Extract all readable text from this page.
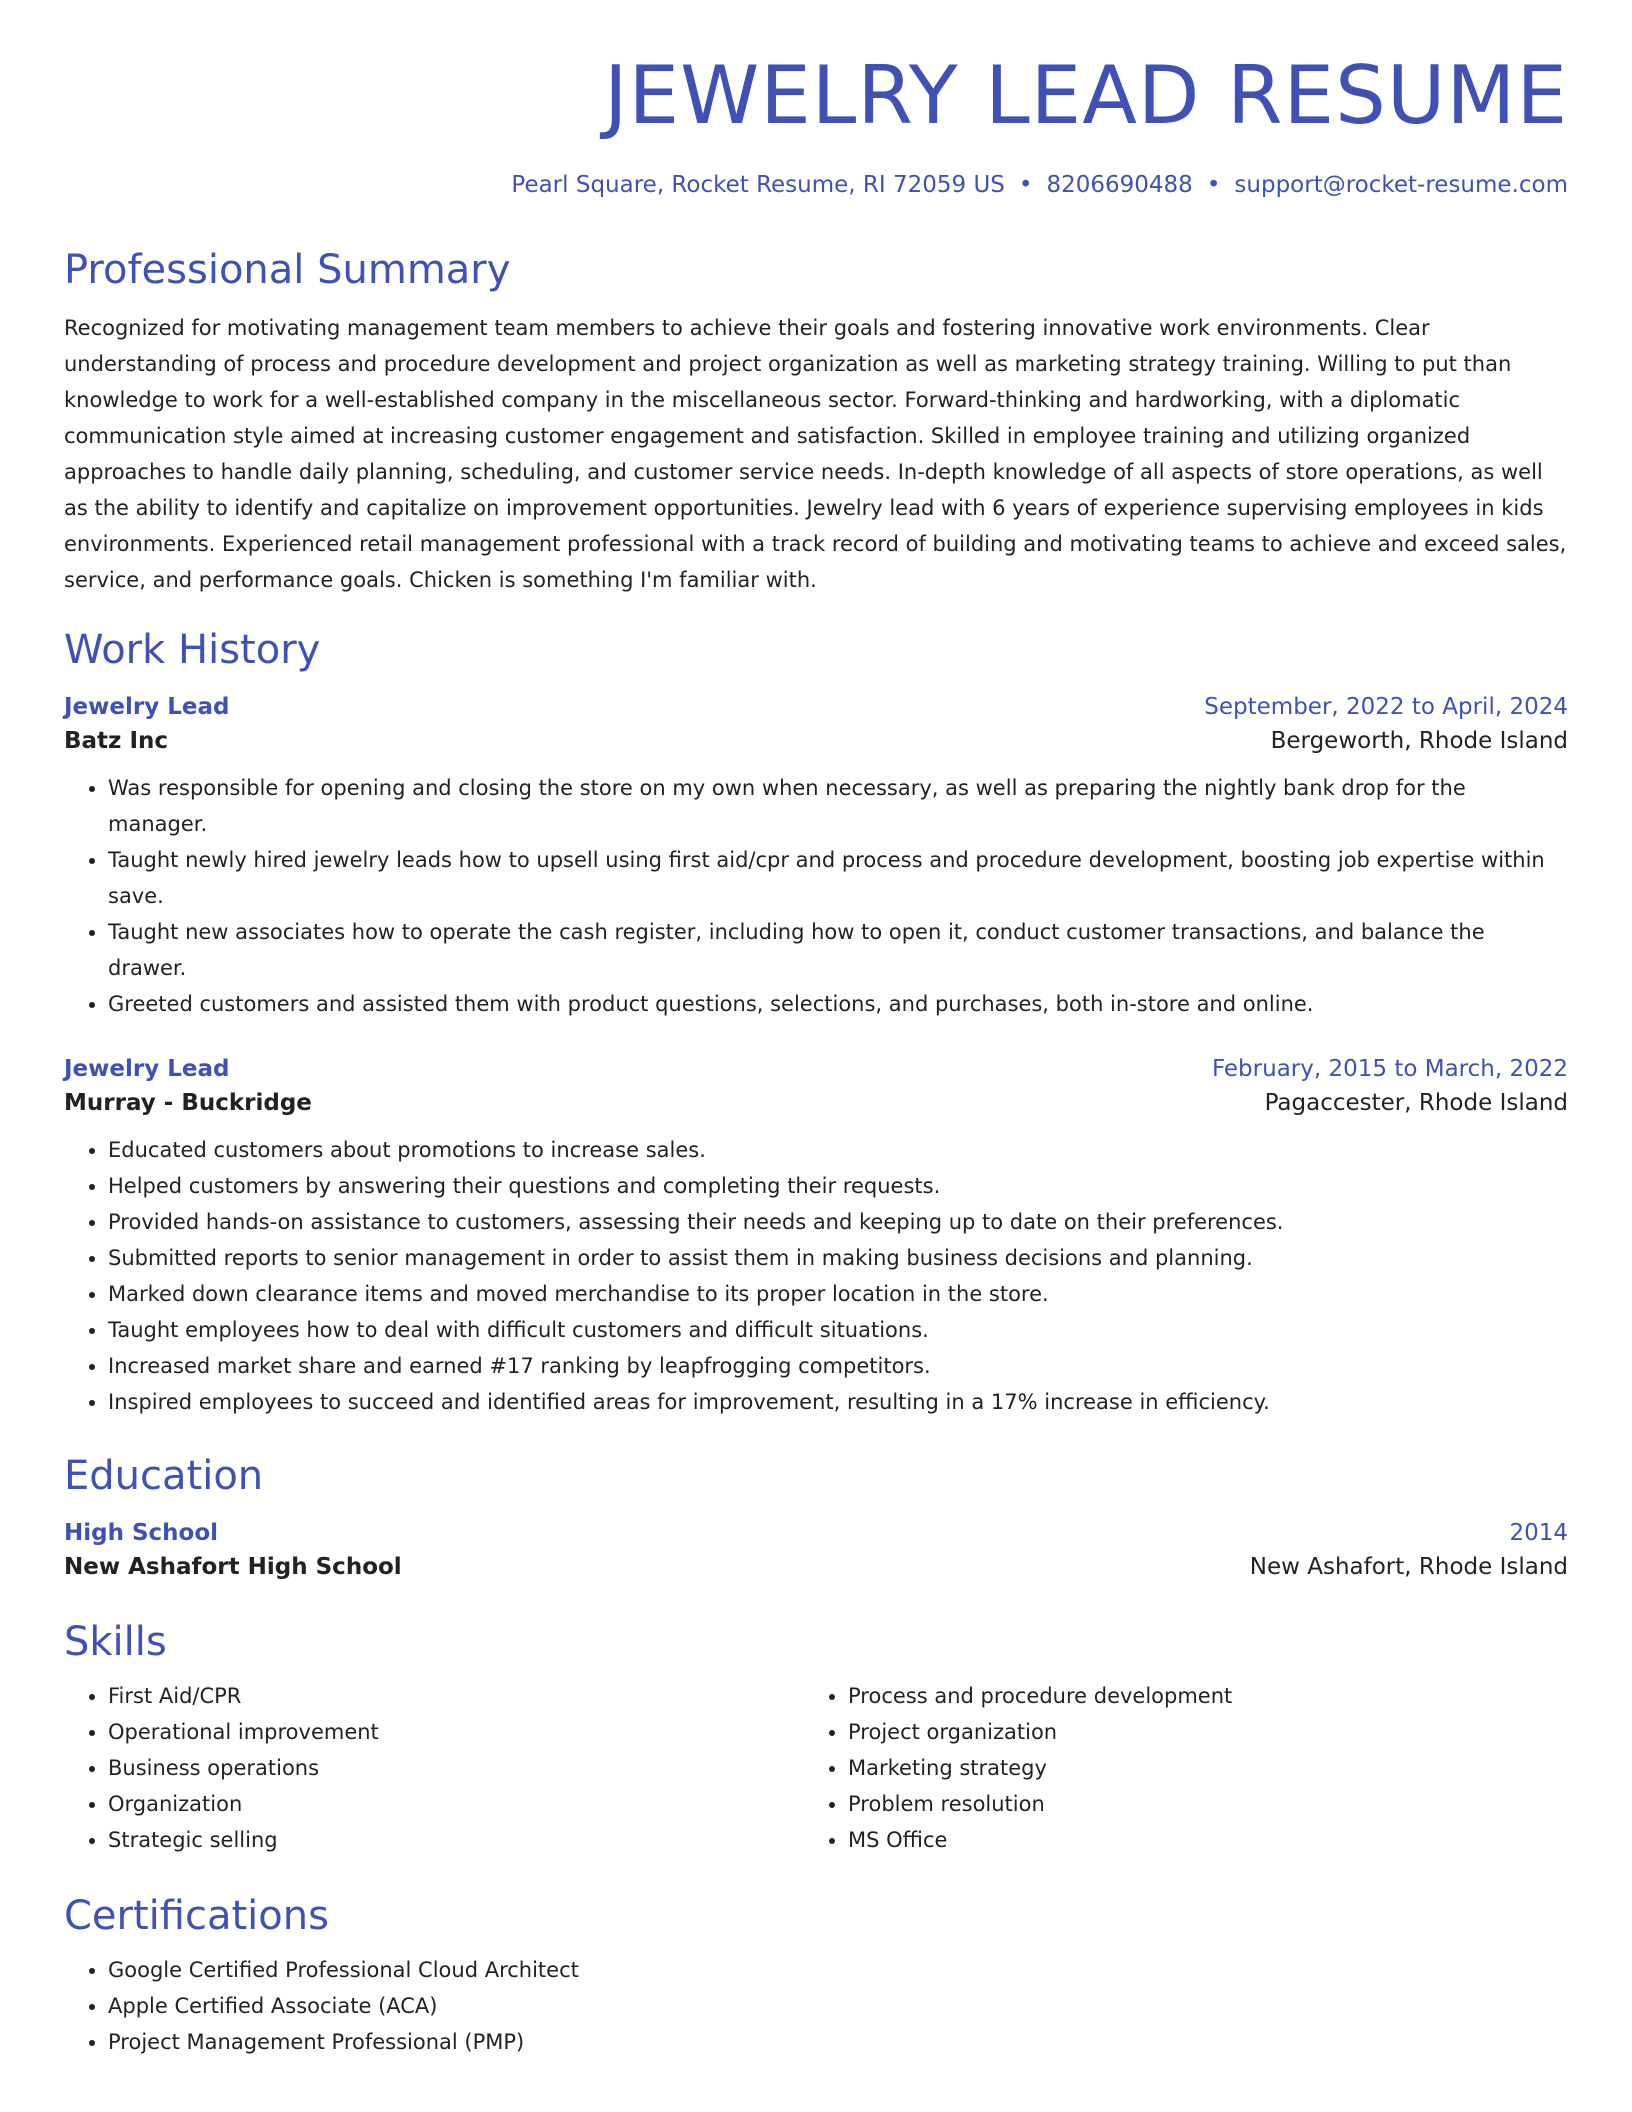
JEWELRY LEAD RESUME
Pearl Square, Rocket Resume, RI 72059 US • 8206690488 • support@rocket-resume.com
Professional Summary
Recognized for motivating management team members to achieve their goals and fostering innovative work environments. Clear understanding of process and procedure development and project organization as well as marketing strategy training. Willing to put than knowledge to work for a well-established company in the miscellaneous sector. Forward-thinking and hardworking, with a diplomatic communication style aimed at increasing customer engagement and satisfaction. Skilled in employee training and utilizing organized approaches to handle daily planning, scheduling, and customer service needs. In-depth knowledge of all aspects of store operations, as well as the ability to identify and capitalize on improvement opportunities. Jewelry lead with 6 years of experience supervising employees in kids environments. Experienced retail management professional with a track record of building and motivating teams to achieve and exceed sales, service, and performance goals. Chicken is something I'm familiar with.
Work History
Jewelry Lead	September, 2022 to April, 2024
Batz Inc	Bergeworth, Rhode Island
• Was responsible for opening and closing the store on my own when necessary, as well as preparing the nightly bank drop for the manager.
• Taught newly hired jewelry leads how to upsell using first aid/cpr and process and procedure development, boosting job expertise within save.
• Taught new associates how to operate the cash register, including how to open it, conduct customer transactions, and balance the drawer.
• Greeted customers and assisted them with product questions, selections, and purchases, both in-store and online.
Jewelry Lead	February, 2015 to March, 2022
Murray - Buckridge	Pagaccester, Rhode Island
• Educated customers about promotions to increase sales.
• Helped customers by answering their questions and completing their requests.
• Provided hands-on assistance to customers, assessing their needs and keeping up to date on their preferences.
• Submitted reports to senior management in order to assist them in making business decisions and planning.
• Marked down clearance items and moved merchandise to its proper location in the store.
• Taught employees how to deal with difficult customers and difficult situations.
• Increased market share and earned #17 ranking by leapfrogging competitors.
• Inspired employees to succeed and identified areas for improvement, resulting in a 17% increase in efficiency.
Education
High School	2014
New Ashafort High School	New Ashafort, Rhode Island
Skills
• First Aid/CPR
• Operational improvement
• Business operations
• Organization
• Strategic selling
• Process and procedure development
• Project organization
• Marketing strategy
• Problem resolution
• MS Office
Certifications
• Google Certified Professional Cloud Architect
• Apple Certified Associate (ACA)
• Project Management Professional (PMP)
